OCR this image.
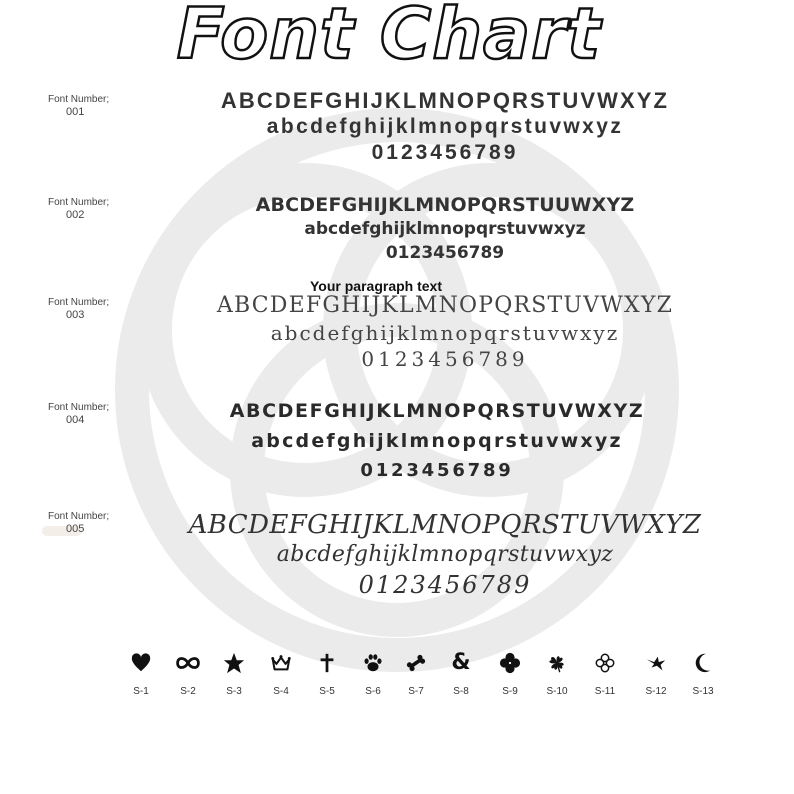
Font Chart
Font Number;
001	ABCDEFGHIJKLMNOPQRSTUVWXYZ
abcdefghijklmnopqrstuvwxyz
0123456789
Font Number;
002	ABCDEFGHIJKLMNOPQRSTUUWXYZ
abcdefghijklmnopqrstuvwxyz
0123456789
Your paragraph text
Font Number;
003	ABCDEFGHIJKLMNOPQRSTUVWXYZ
abcdefghijklmnopqrstuvwxyz
0123456789
Font Number;
004	ABCDEFGHIJKLMNOPQRSTUVWXYZ
abcdefghijklmnopqrstuvwxyz
0123456789
Font Number;
005	ABCDEFGHIJKLMNOPQRSTUVWXYZ
abcdefghijklmnopqrstuvwxyz
0123456789
S-1	S-2	S-3	S-4	S-5	S-6	S-7
&
S-8	S-9	S-10	S-11	S-12	S-13
